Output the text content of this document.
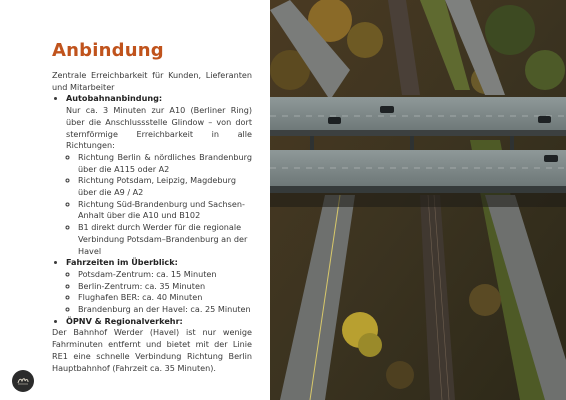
Anbindung

Zentrale Erreichbarkeit für Kunden, Lieferanten und Mitarbeiter

• Autobahnanbindung:
Nur ca. 3 Minuten zur A10 (Berliner Ring) über die Anschlussstelle Glindow – von dort sternförmige Erreichbarkeit in alle Richtungen:
◦ Richtung Berlin & nördliches Brandenburg über die A115 oder A2
◦ Richtung Potsdam, Leipzig, Magdeburg über die A9 / A2
◦ Richtung Süd-Brandenburg und Sachsen-Anhalt über die A10 und B102
◦ B1 direkt durch Werder für die regionale Verbindung Potsdam–Brandenburg an der Havel
• Fahrzeiten im Überblick:
◦ Potsdam-Zentrum: ca. 15 Minuten
◦ Berlin-Zentrum: ca. 35 Minuten
◦ Flughafen BER: ca. 40 Minuten
◦ Brandenburg an der Havel: ca. 25 Minuten
• ÖPNV & Regionalverkehr:

Der Bahnhof Werder (Havel) ist nur wenige Fahrminuten entfernt und bietet mit der Linie RE1 eine schnelle Verbindung Richtung Berlin Hauptbahnhof (Fahrzeit ca. 35 Minuten).
